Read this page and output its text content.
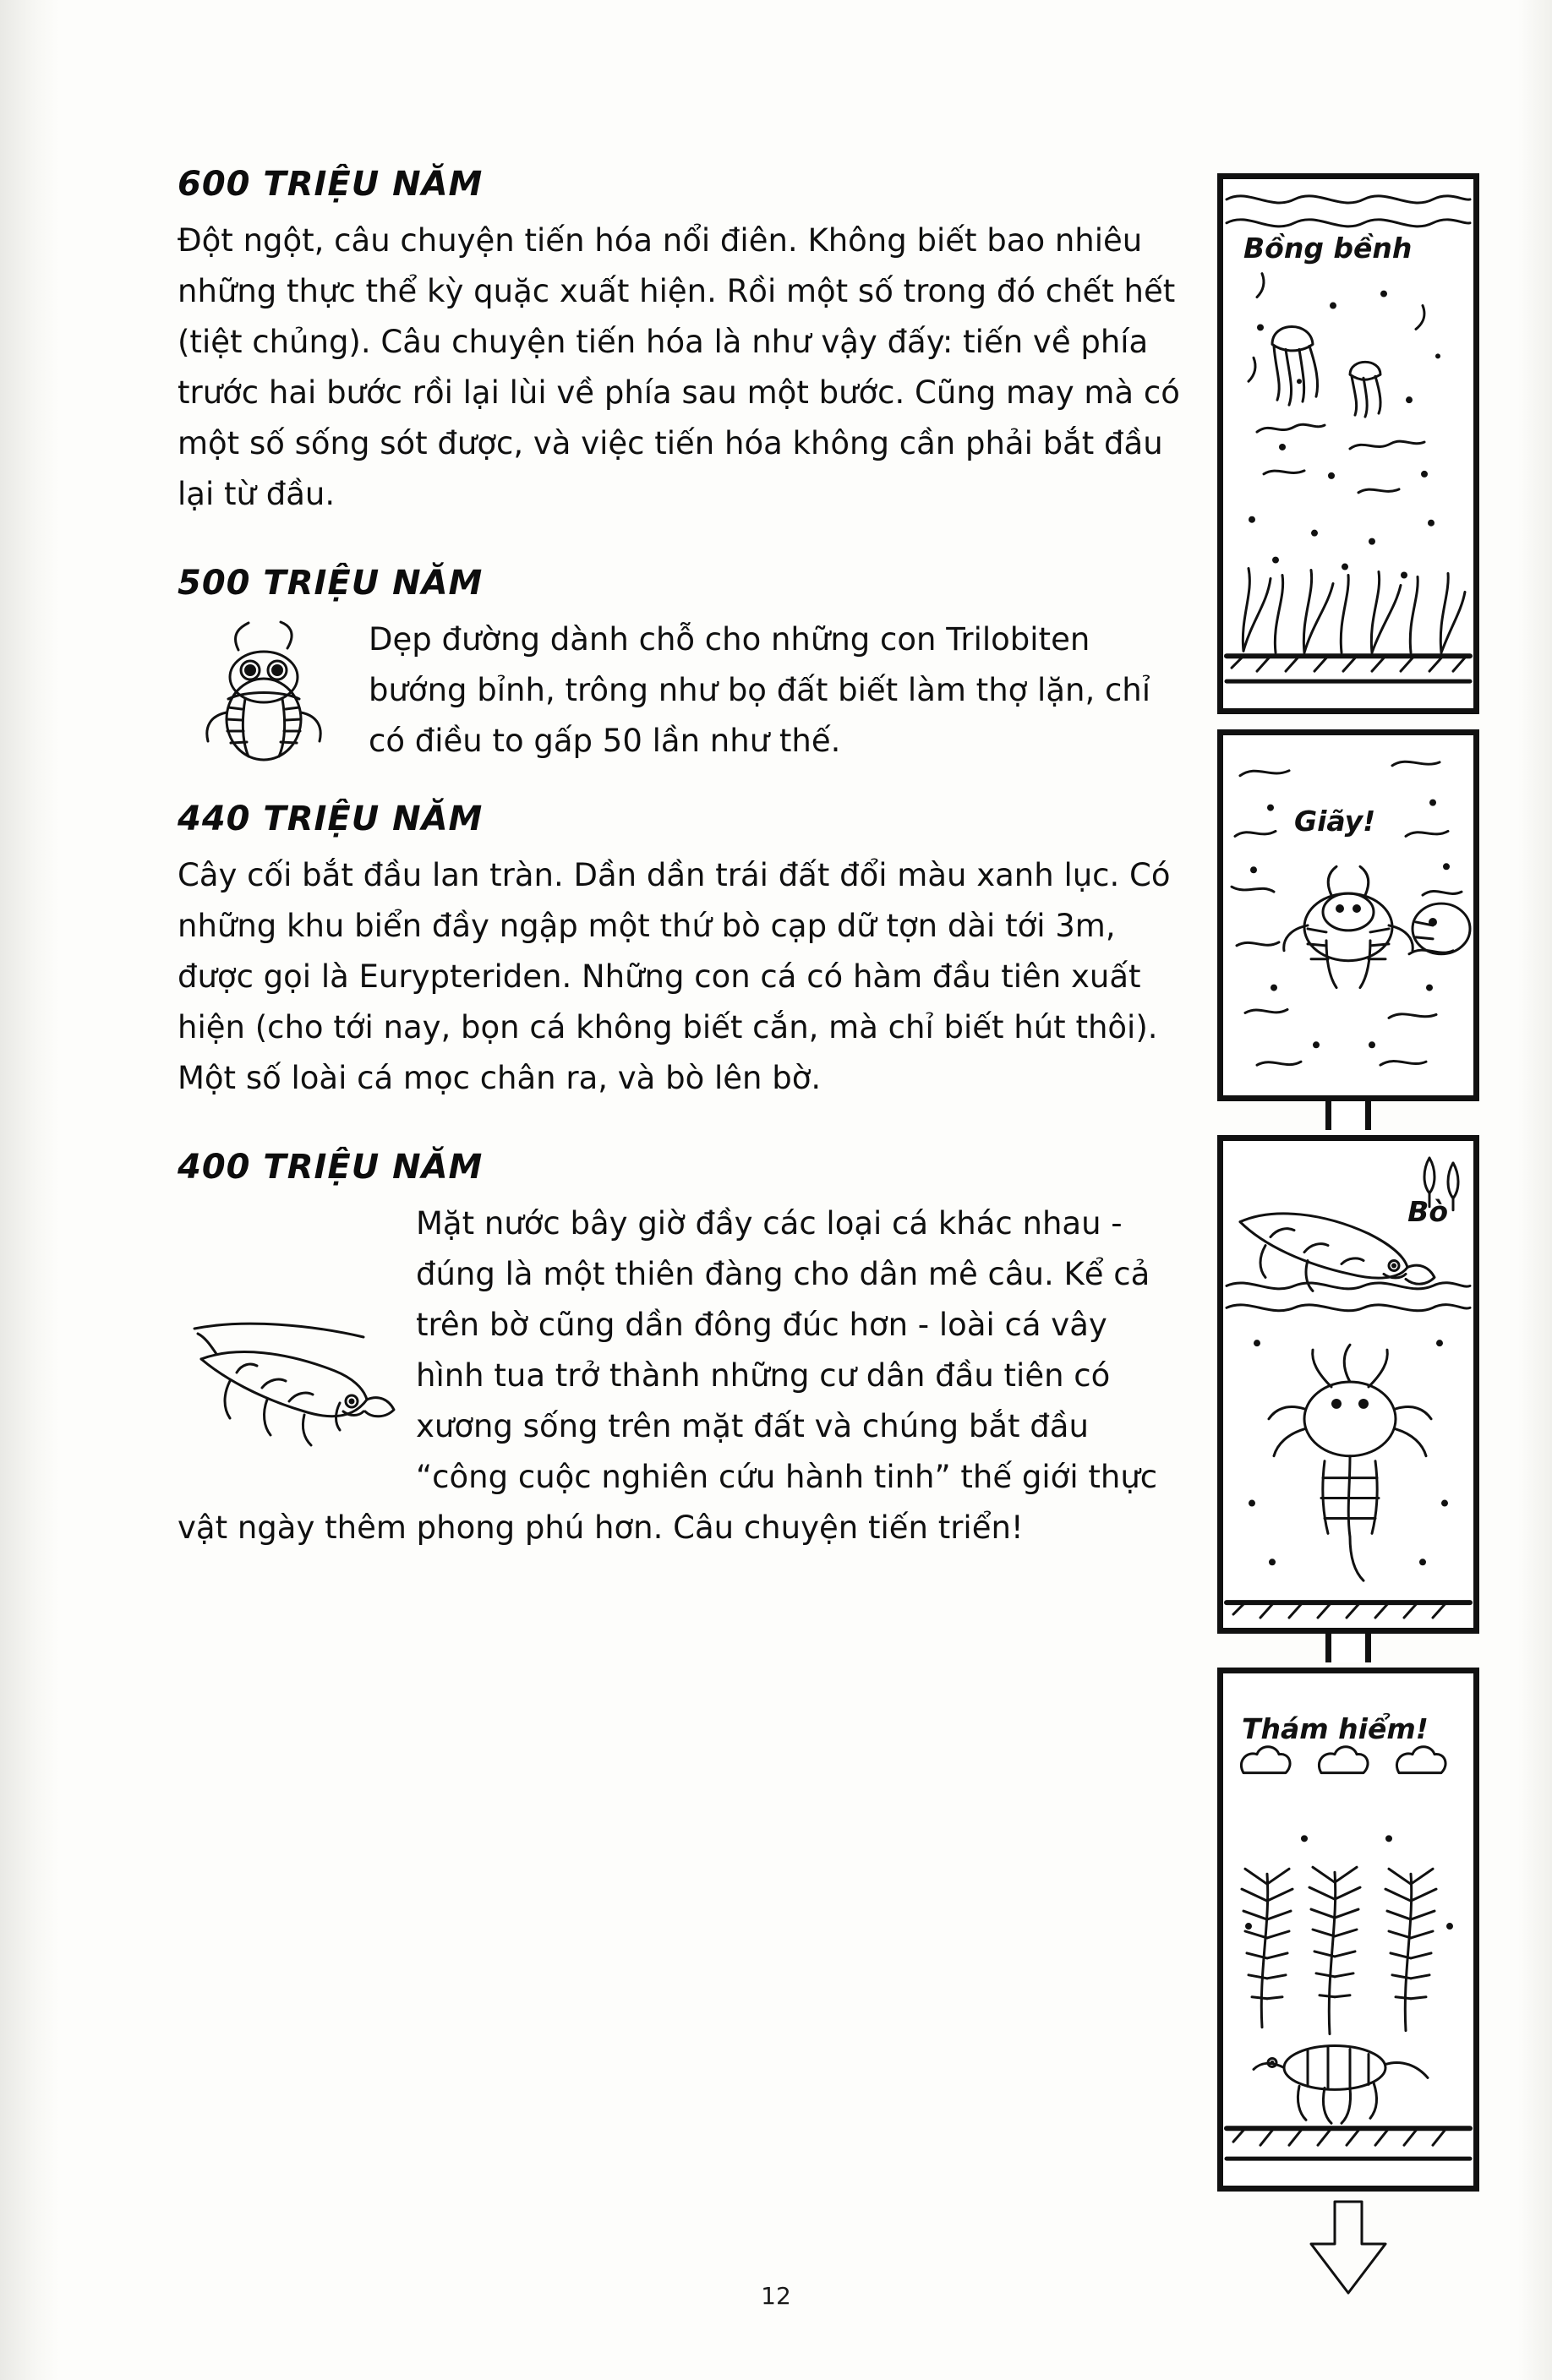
600 TRIỆU NĂM

Đột ngột, câu chuyện tiến hóa nổi điên. Không biết bao nhiêu những thực thể kỳ quặc xuất hiện. Rồi một số trong đó chết hết (tiệt chủng). Câu chuyện tiến hóa là như vậy đấy: tiến về phía trước hai bước rồi lại lùi về phía sau một bước. Cũng may mà có một số sống sót được, và việc tiến hóa không cần phải bắt đầu lại từ đầu.

500 TRIỆU NĂM

Dẹp đường dành chỗ cho những con Trilobiten bướng bỉnh, trông như bọ đất biết làm thợ lặn, chỉ có điều to gấp 50 lần như thế.

440 TRIỆU NĂM

Cây cối bắt đầu lan tràn. Dần dần trái đất đổi màu xanh lục. Có những khu biển đầy ngập một thứ bò cạp dữ tợn dài tới 3m, được gọi là Eurypteriden. Những con cá có hàm đầu tiên xuất hiện (cho tới nay, bọn cá không biết cắn, mà chỉ biết hút thôi). Một số loài cá mọc chân ra, và bò lên bờ.

400 TRIỆU NĂM

Mặt nước bây giờ đầy các loại cá khác nhau - đúng là một thiên đàng cho dân mê câu. Kể cả trên bờ cũng dần đông đúc hơn - loài cá vây hình tua trở thành những cư dân đầu tiên có xương sống trên mặt đất và chúng bắt đầu “công cuộc nghiên cứu hành tinh” thế giới thực vật ngày thêm phong phú hơn. Câu chuyện tiến triển!

Bồng bềnh
Giãy!
Bò
Thám hiểm!
12
